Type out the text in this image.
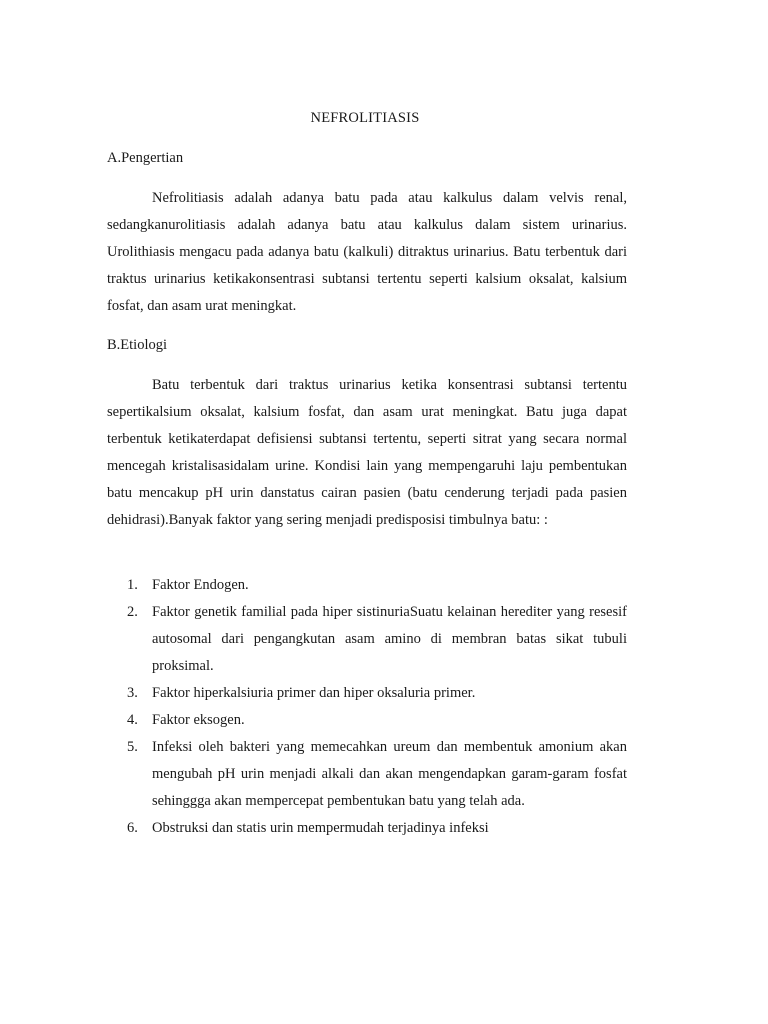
NEFROLITIASIS
A.Pengertian

Nefrolitiasis adalah adanya batu pada atau kalkulus dalam velvis renal, sedangkanurolitiasis adalah adanya batu atau kalkulus dalam sistem urinarius. Urolithiasis mengacu pada adanya batu (kalkuli) ditraktus urinarius. Batu terbentuk dari traktus urinarius ketikakonsentrasi subtansi tertentu seperti kalsium oksalat, kalsium fosfat, dan asam urat meningkat.

B.Etiologi

Batu terbentuk dari traktus urinarius ketika konsentrasi subtansi tertentu sepertikalsium oksalat, kalsium fosfat, dan asam urat meningkat. Batu juga dapat terbentuk ketikaterdapat defisiensi subtansi tertentu, seperti sitrat yang secara normal mencegah kristalisasidalam urine. Kondisi lain yang mempengaruhi laju pembentukan batu mencakup pH urin danstatus cairan pasien (batu cenderung terjadi pada pasien dehidrasi).Banyak faktor yang sering menjadi predisposisi timbulnya batu: :

1. Faktor Endogen.
2. Faktor genetik familial pada hiper sistinuriaSuatu kelainan herediter yang resesif autosomal dari pengangkutan asam amino di membran batas sikat tubuli proksimal.
3. Faktor hiperkalsiuria primer dan hiper oksaluria primer.
4. Faktor eksogen.
5. Infeksi oleh bakteri yang memecahkan ureum dan membentuk amonium akan mengubah pH urin menjadi alkali dan akan mengendapkan garam-garam fosfat sehinggga akan mempercepat pembentukan batu yang telah ada.
6. Obstruksi dan statis urin mempermudah terjadinya infeksi
